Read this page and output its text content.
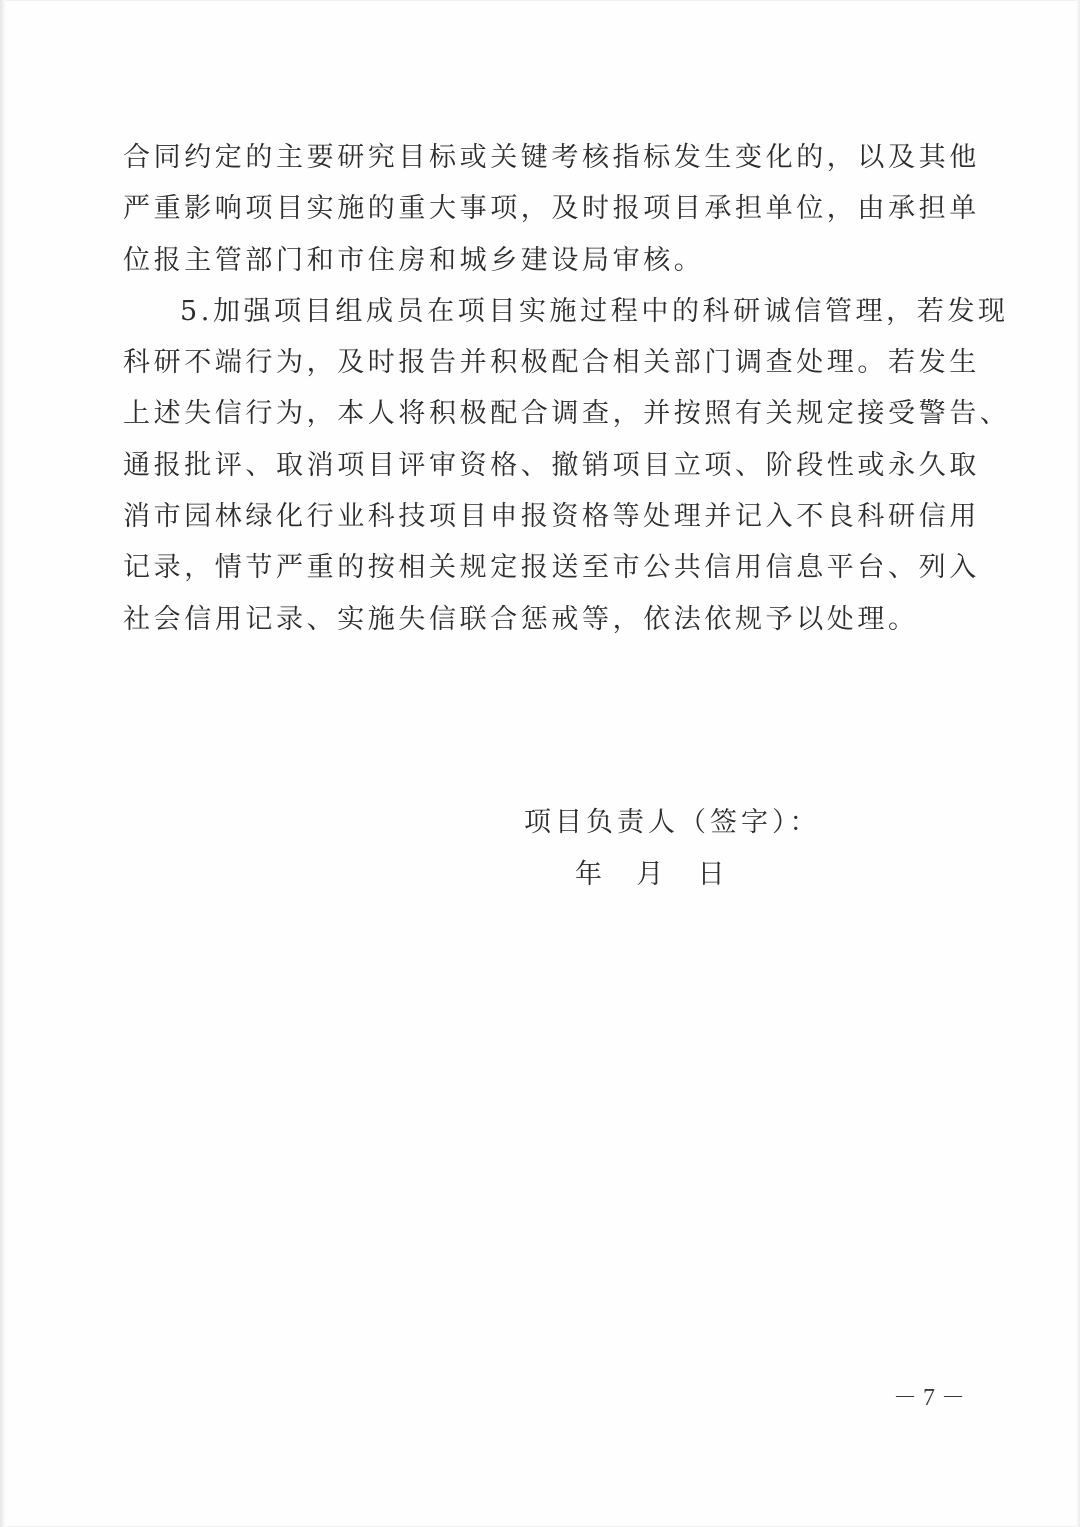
合同约定的主要研究目标或关键考核指标发生变化的，以及其他
严重影响项目实施的重大事项，及时报项目承担单位，由承担单
位报主管部门和市住房和城乡建设局审核。
5.加强项目组成员在项目实施过程中的科研诚信管理，若发现
科研不端行为，及时报告并积极配合相关部门调查处理。若发生
上述失信行为，本人将积极配合调查，并按照有关规定接受警告、
通报批评、取消项目评审资格、撤销项目立项、阶段性或永久取
消市园林绿化行业科技项目申报资格等处理并记入不良科研信用
记录，情节严重的按相关规定报送至市公共信用信息平台、列入
社会信用记录、实施失信联合惩戒等，依法依规予以处理。
项目负责人（签字）：
年    月    日
－ 7 －
